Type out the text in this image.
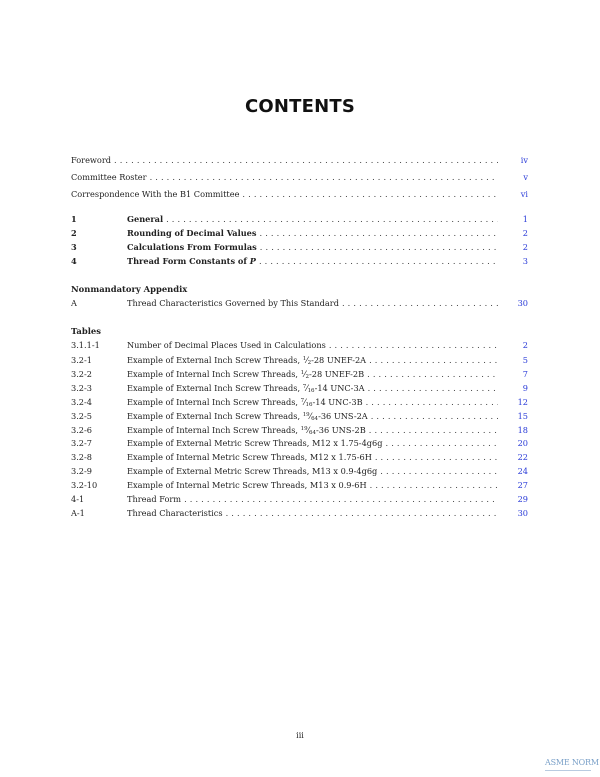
CONTENTS
Foreword . . .	iv
Committee Roster . . .	v
Correspondence With the B1 Committee . . .	vi
1	General . . .	1
2	Rounding of Decimal Values . . .	2
3	Calculations From Formulas . . .	2
4	Thread Form Constants of P . . .	3
Nonmandatory Appendix
A	Thread Characteristics Governed by This Standard . . .	30
Tables
3.1.1-1	Number of Decimal Places Used in Calculations . . .	2
3.2-1	Example of External Inch Screw Threads, $^1⁄_2-28$ UNEF-2A . . .	5
3.2-2	Example of Internal Inch Screw Threads, $^1⁄_2-28$ UNEF-2B . . .	7
3.2-3	Example of External Inch Screw Threads, $^7⁄_{16}-14$ UNC-3A . . .	9
3.2-4	Example of Internal Inch Screw Threads, $^7⁄_{16}-14$ UNC-3B . . .	12
3.2-5	Example of External Inch Screw Threads, $^{19}⁄_{64}-36$ UNS-2A . . .	15
3.2-6	Example of Internal Inch Screw Threads, $^{19}⁄_{64}-36$ UNS-2B . . .	18
3.2-7	Example of External Metric Screw Threads, M12 x 1.75-4g6g . . .	20
3.2-8	Example of Internal Metric Screw Threads, M12 x 1.75-6H . . .	22
3.2-9	Example of External Metric Screw Threads, M13 x 0.9-4g6g . . .	24
3.2-10	Example of Internal Metric Screw Threads, M13 x 0.9-6H . . .	27
4-1	Thread Form . . .	29
A-1	Thread Characteristics . . .	30
iii
ASME NORM
